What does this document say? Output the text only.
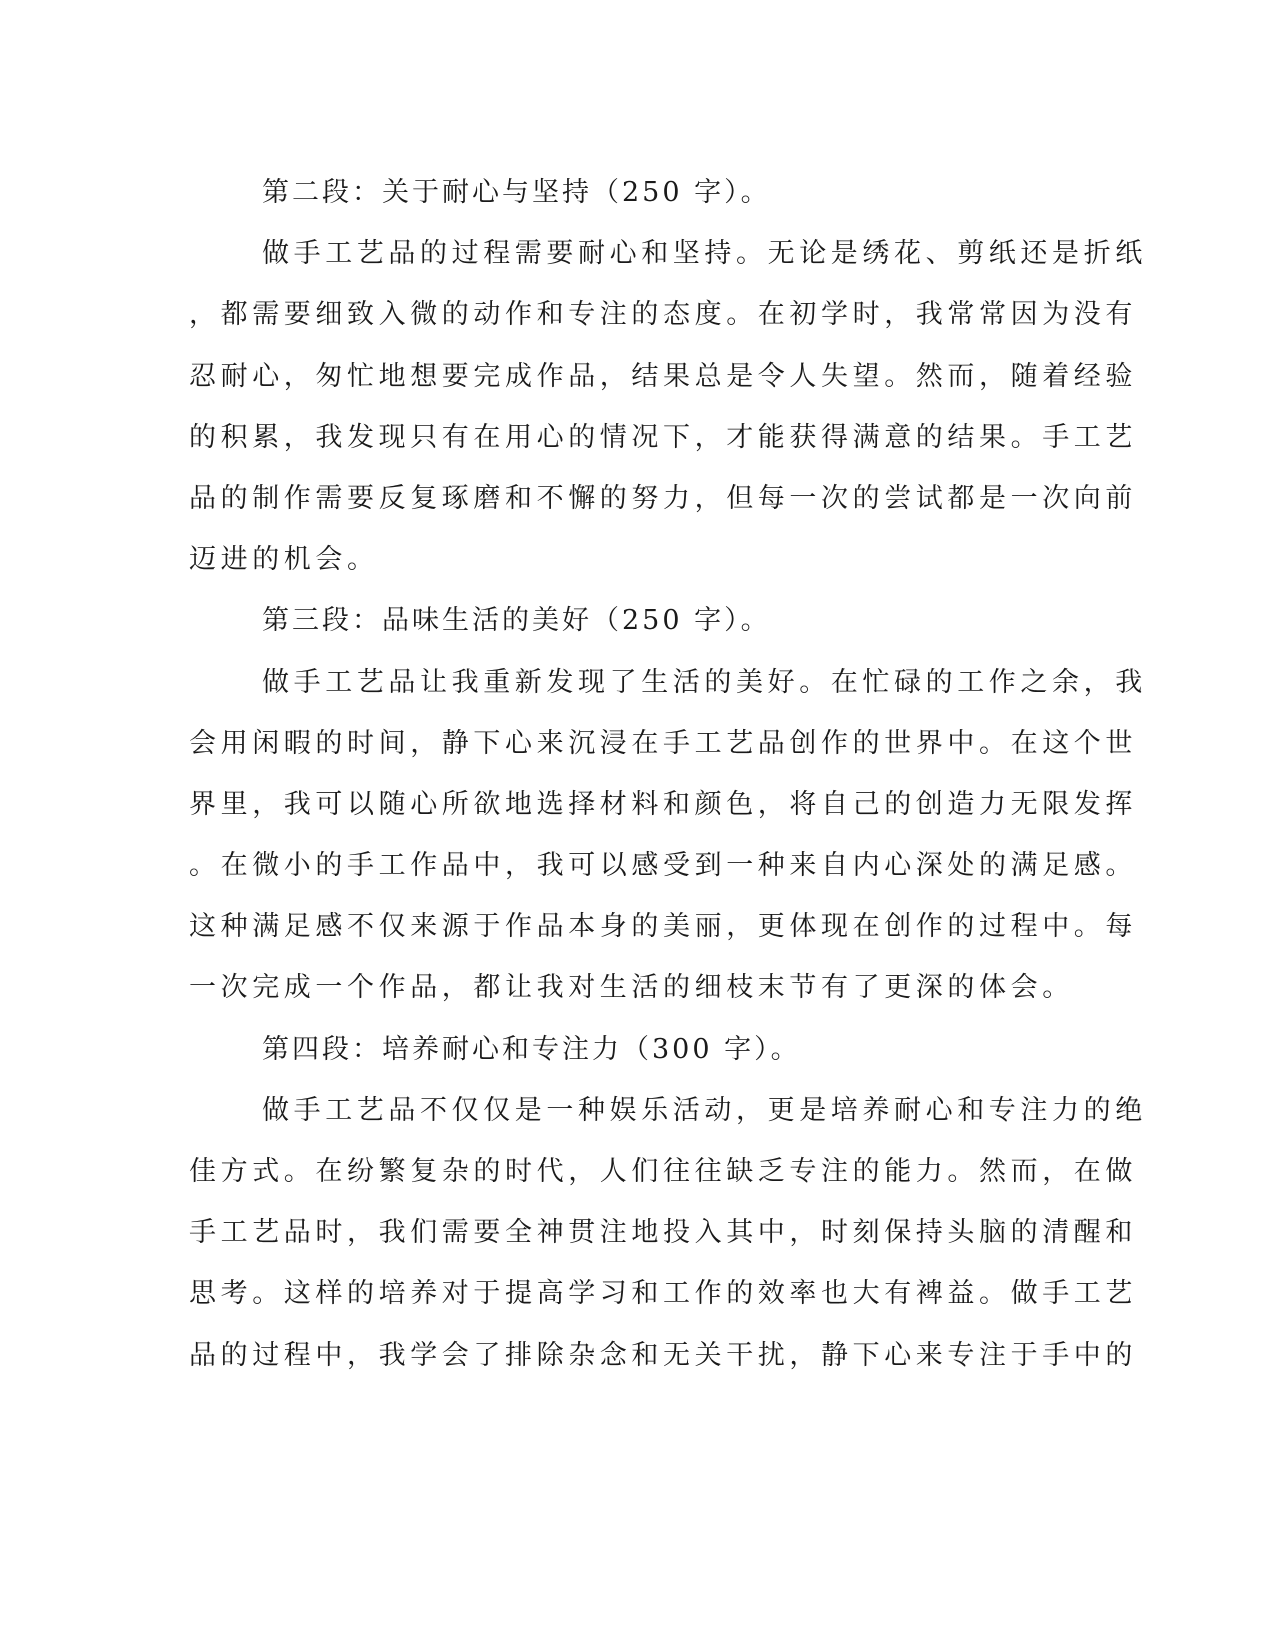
第二段：关于耐心与坚持（250 字）。
做手工艺品的过程需要耐心和坚持。无论是绣花、剪纸还是折纸
，都需要细致入微的动作和专注的态度。在初学时，我常常因为没有
忍耐心，匆忙地想要完成作品，结果总是令人失望。然而，随着经验
的积累，我发现只有在用心的情况下，才能获得满意的结果。手工艺
品的制作需要反复琢磨和不懈的努力，但每一次的尝试都是一次向前
迈进的机会。
第三段：品味生活的美好（250 字）。
做手工艺品让我重新发现了生活的美好。在忙碌的工作之余，我
会用闲暇的时间，静下心来沉浸在手工艺品创作的世界中。在这个世
界里，我可以随心所欲地选择材料和颜色，将自己的创造力无限发挥
。在微小的手工作品中，我可以感受到一种来自内心深处的满足感。
这种满足感不仅来源于作品本身的美丽，更体现在创作的过程中。每
一次完成一个作品，都让我对生活的细枝末节有了更深的体会。
第四段：培养耐心和专注力（300 字）。
做手工艺品不仅仅是一种娱乐活动，更是培养耐心和专注力的绝
佳方式。在纷繁复杂的时代，人们往往缺乏专注的能力。然而，在做
手工艺品时，我们需要全神贯注地投入其中，时刻保持头脑的清醒和
思考。这样的培养对于提高学习和工作的效率也大有裨益。做手工艺
品的过程中，我学会了排除杂念和无关干扰，静下心来专注于手中的
